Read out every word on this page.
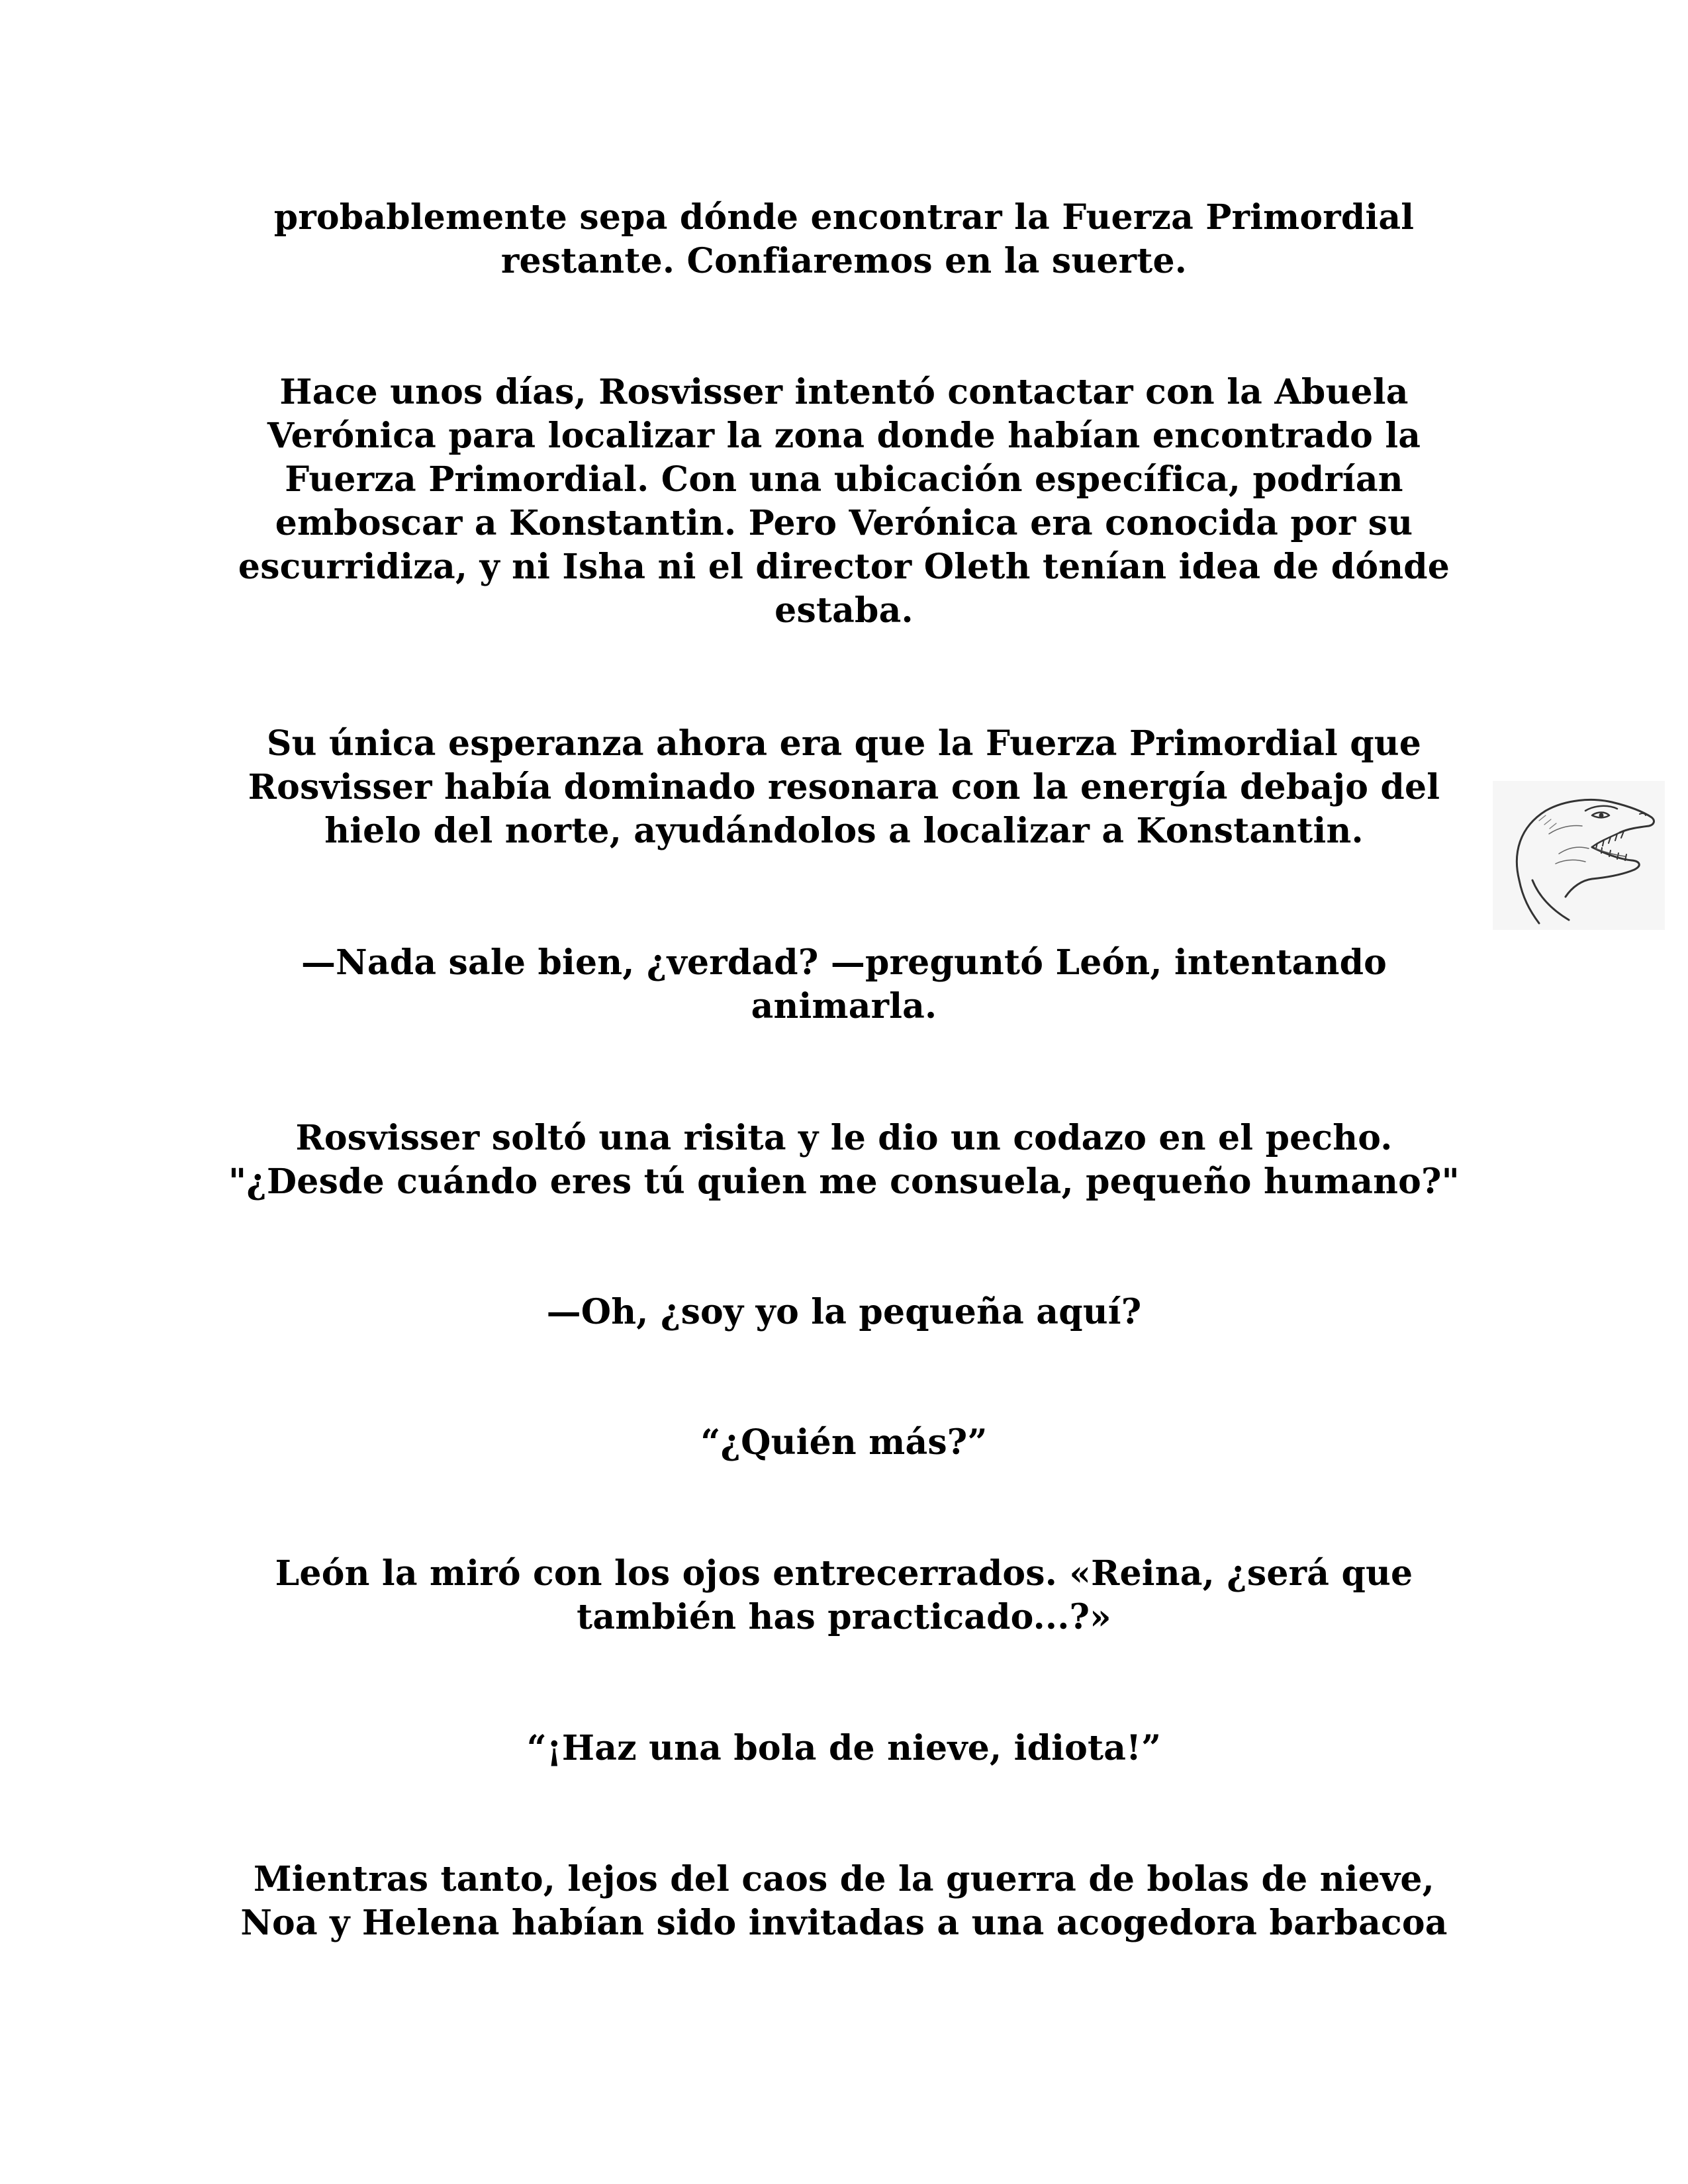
probablemente sepa dónde encontrar la Fuerza Primordial
restante. Confiaremos en la suerte.
Hace unos días, Rosvisser intentó contactar con la Abuela
Verónica para localizar la zona donde habían encontrado la
Fuerza Primordial. Con una ubicación específica, podrían
emboscar a Konstantin. Pero Verónica era conocida por su
escurridiza, y ni Isha ni el director Oleth tenían idea de dónde
estaba.
Su única esperanza ahora era que la Fuerza Primordial que
Rosvisser había dominado resonara con la energía debajo del
hielo del norte, ayudándolos a localizar a Konstantin.
—Nada sale bien, ¿verdad? —preguntó León, intentando
animarla.
Rosvisser soltó una risita y le dio un codazo en el pecho.
"¿Desde cuándo eres tú quien me consuela, pequeño humano?"
—Oh, ¿soy yo la pequeña aquí?
“¿Quién más?”
León la miró con los ojos entrecerrados. «Reina, ¿será que
también has practicado...?»
“¡Haz una bola de nieve, idiota!”
Mientras tanto, lejos del caos de la guerra de bolas de nieve,
Noa y Helena habían sido invitadas a una acogedora barbacoa
